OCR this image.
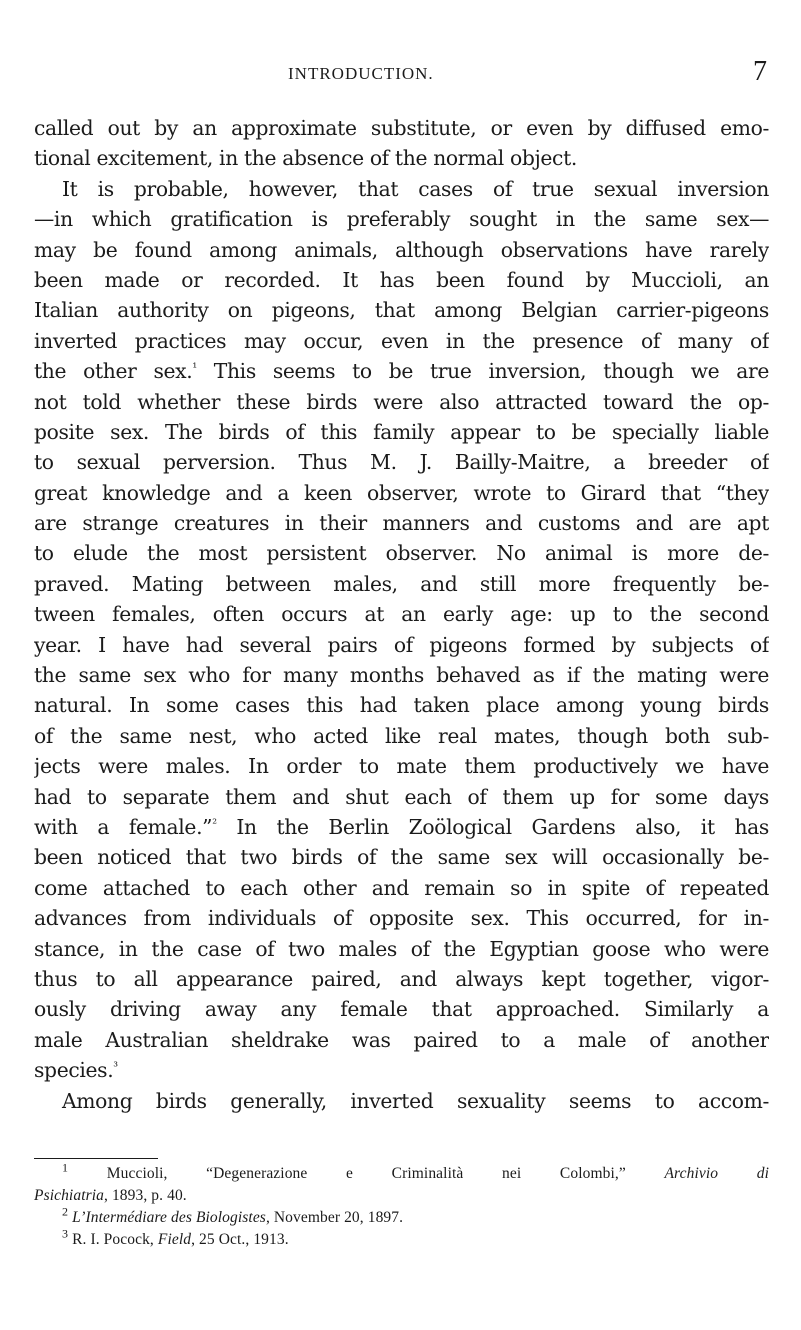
INTRODUCTION.	7
called out by an approximate substitute, or even by diffused emo-
tional excitement, in the absence of the normal object.
It is probable, however, that cases of true sexual inversion
—in which gratification is preferably sought in the same sex—
may be found among animals, although observations have rarely
been made or recorded. It has been found by Muccioli, an
Italian authority on pigeons, that among Belgian carrier-pigeons
inverted practices may occur, even in the presence of many of
the other sex.$^{^1}$ This seems to be true inversion, though we are
not told whether these birds were also attracted toward the op-
posite sex. The birds of this family appear to be specially liable
to sexual perversion. Thus M. J. Bailly-Maitre, a breeder of
great knowledge and a keen observer, wrote to Girard that “they
are strange creatures in their manners and customs and are apt
to elude the most persistent observer. No animal is more de-
praved. Mating between males, and still more frequently be-
tween females, often occurs at an early age: up to the second
year. I have had several pairs of pigeons formed by subjects of
the same sex who for many months behaved as if the mating were
natural. In some cases this had taken place among young birds
of the same nest, who acted like real mates, though both sub-
jects were males. In order to mate them productively we have
had to separate them and shut each of them up for some days
with a female.”$^{^2}$ In the Berlin Zoölogical Gardens also, it has
been noticed that two birds of the same sex will occasionally be-
come attached to each other and remain so in spite of repeated
advances from individuals of opposite sex. This occurred, for in-
stance, in the case of two males of the Egyptian goose who were
thus to all appearance paired, and always kept together, vigor-
ously driving away any female that approached. Similarly a
male Australian sheldrake was paired to a male of another
species.$^{^3}$
Among birds generally, inverted sexuality seems to accom-
$^1$ Muccioli, “Degenerazione e Criminalità nei Colombi,” Archivio di
Psichiatria, 1893, p. 40.
$^2$ L’Intermédiare des Biologistes, November 20, 1897.
$^3$ R. I. Pocock, Field, 25 Oct., 1913.
